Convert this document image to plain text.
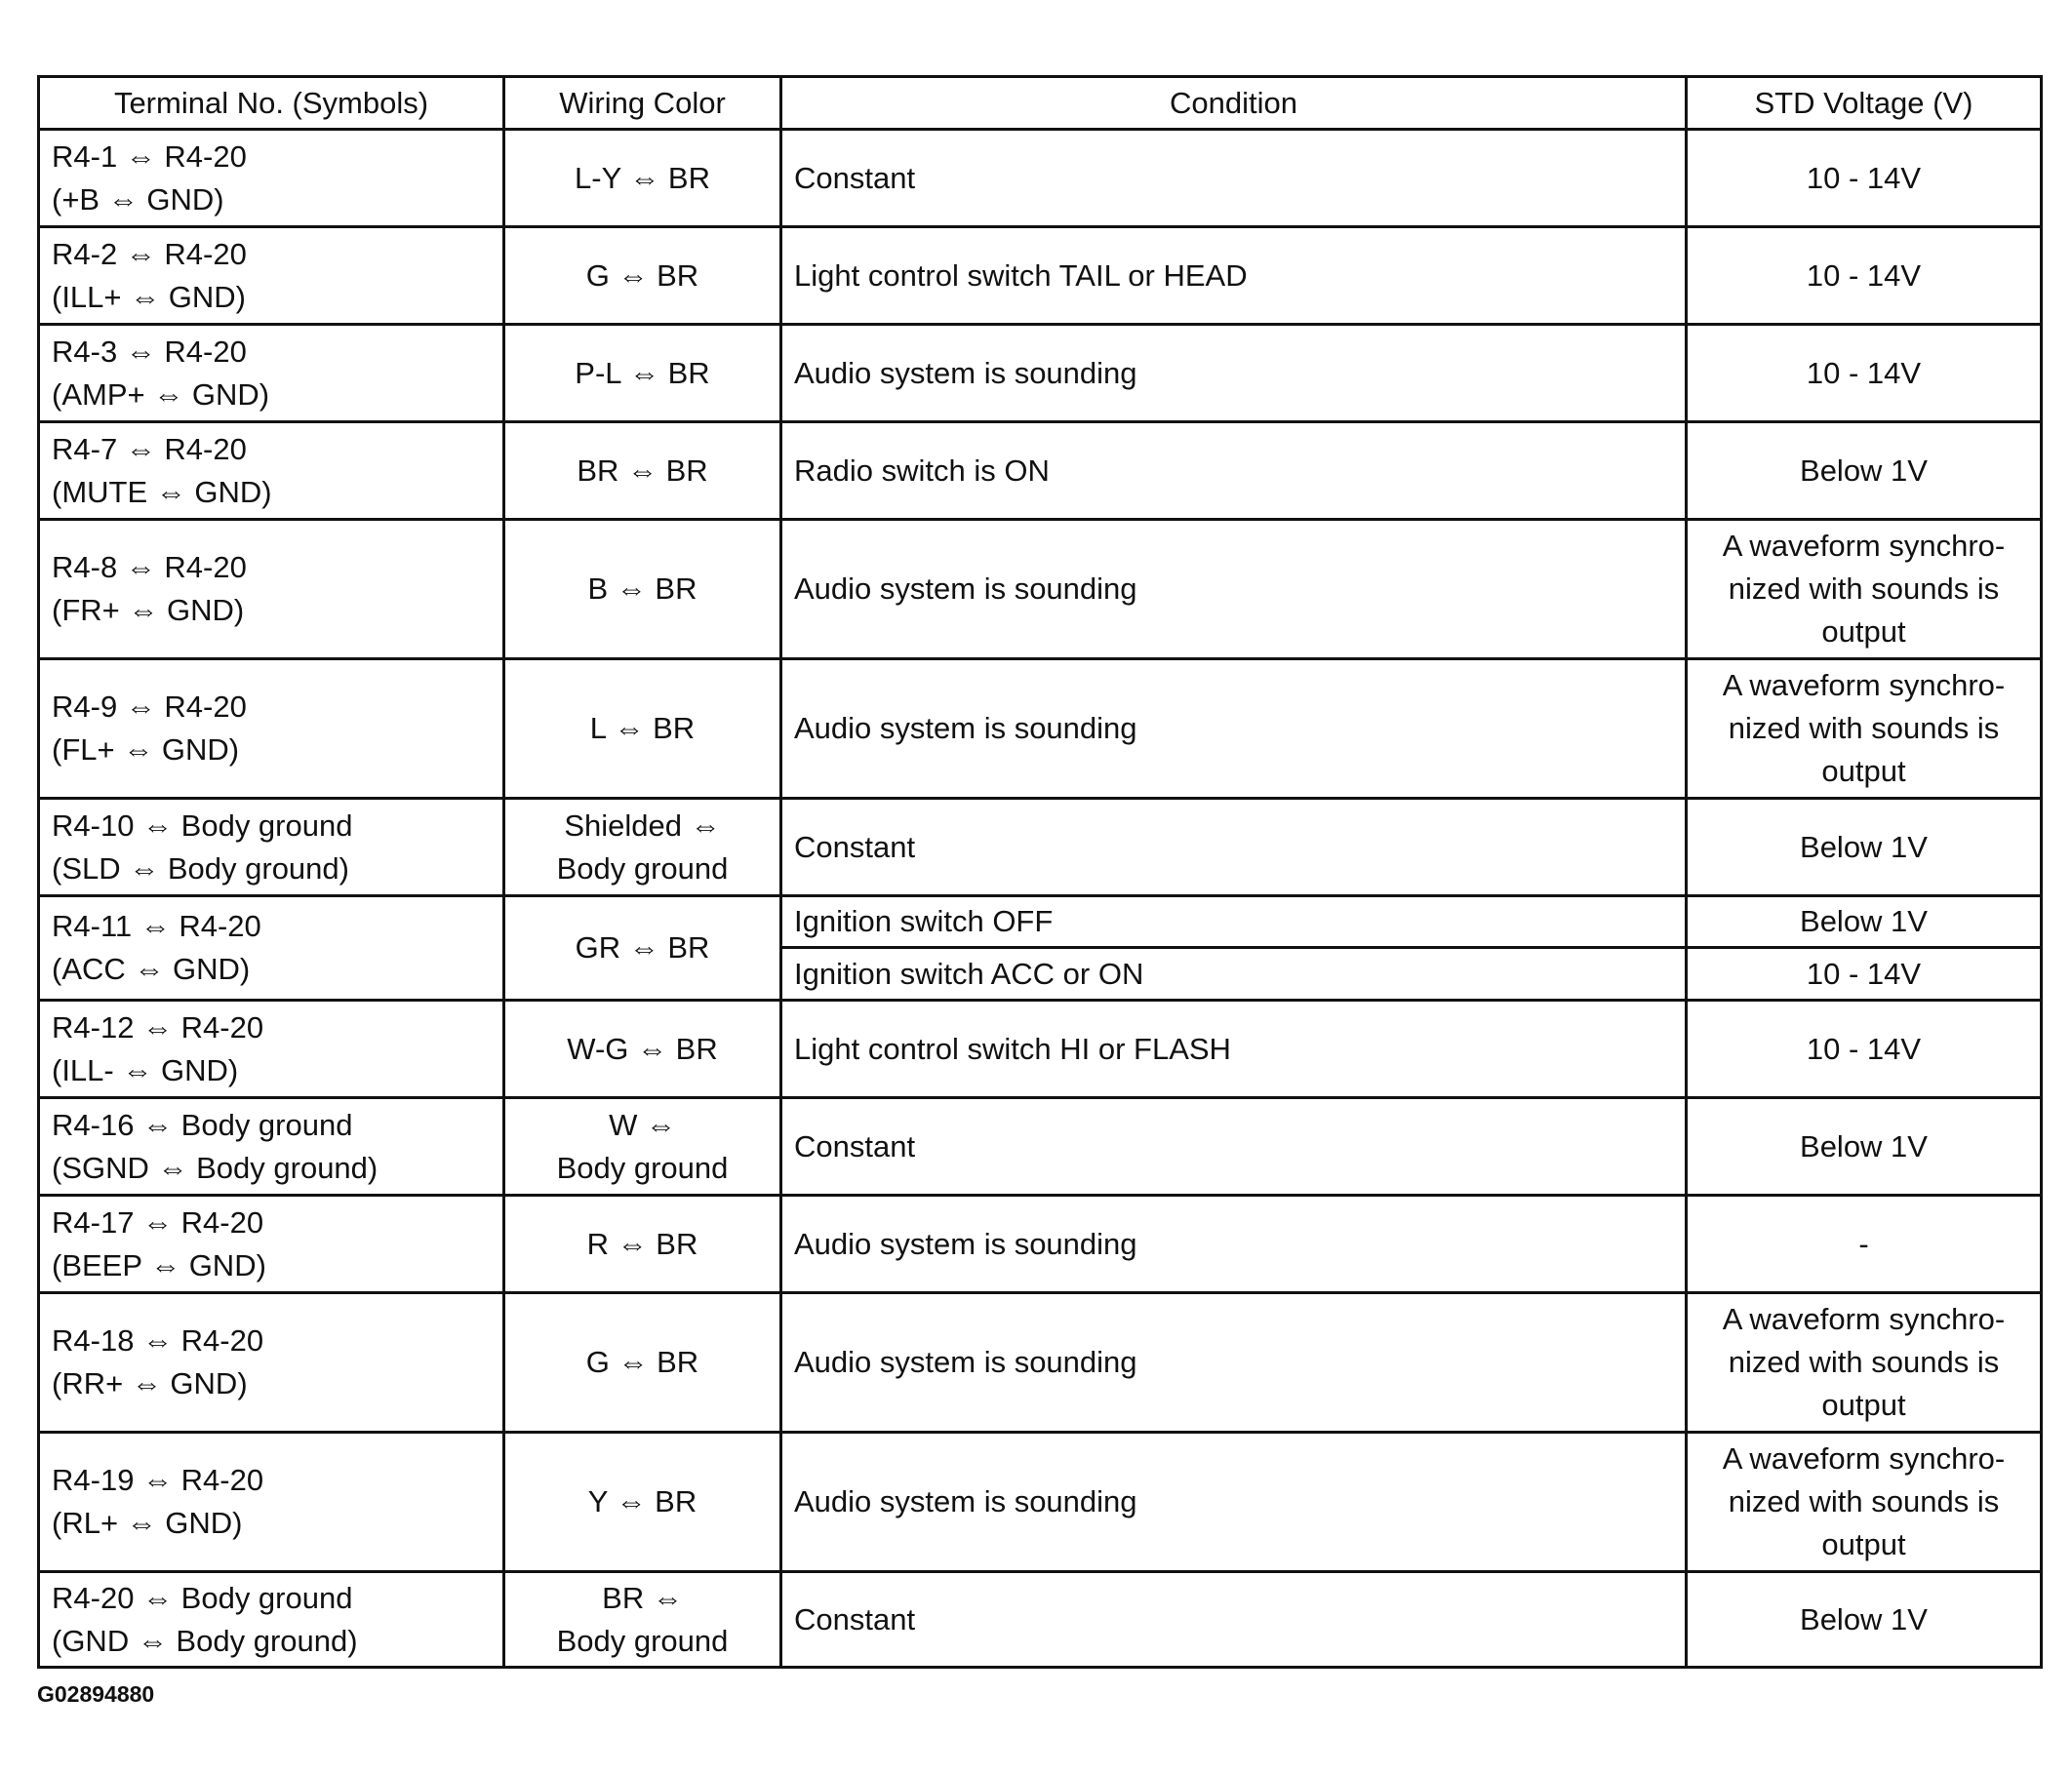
Terminal No. (Symbols)	Wiring Color	Condition	STD Voltage (V)

R4-1 ⇔ R4-20
(+B ⇔ GND)	L-Y ⇔ BR	Constant	10 - 14V

R4-2 ⇔ R4-20
(ILL+ ⇔ GND)	G ⇔ BR	Light control switch TAIL or HEAD	10 - 14V

R4-3 ⇔ R4-20
(AMP+ ⇔ GND)	P-L ⇔ BR	Audio system is sounding	10 - 14V

R4-7 ⇔ R4-20
(MUTE ⇔ GND)	BR ⇔ BR	Radio switch is ON	Below 1V

R4-8 ⇔ R4-20
(FR+ ⇔ GND)	B ⇔ BR	Audio system is sounding	A waveform synchro-
nized with sounds is
output

R4-9 ⇔ R4-20
(FL+ ⇔ GND)	L ⇔ BR	Audio system is sounding	A waveform synchro-
nized with sounds is
output

R4-10 ⇔ Body ground
(SLD ⇔ Body ground)	Shielded ⇔
Body ground	Constant	Below 1V

R4-11 ⇔ R4-20
(ACC ⇔ GND)	GR ⇔ BR	Ignition switch OFF	Below 1V

		Ignition switch ACC or ON	10 - 14V

R4-12 ⇔ R4-20
(ILL- ⇔ GND)	W-G ⇔ BR	Light control switch HI or FLASH	10 - 14V

R4-16 ⇔ Body ground
(SGND ⇔ Body ground)	W ⇔
Body ground	Constant	Below 1V

R4-17 ⇔ R4-20
(BEEP ⇔ GND)	R ⇔ BR	Audio system is sounding	-

R4-18 ⇔ R4-20
(RR+ ⇔ GND)	G ⇔ BR	Audio system is sounding	A waveform synchro-
nized with sounds is
output

R4-19 ⇔ R4-20
(RL+ ⇔ GND)	Y ⇔ BR	Audio system is sounding	A waveform synchro-
nized with sounds is
output

R4-20 ⇔ Body ground
(GND ⇔ Body ground)	BR ⇔
Body ground	Constant	Below 1V
G02894880
